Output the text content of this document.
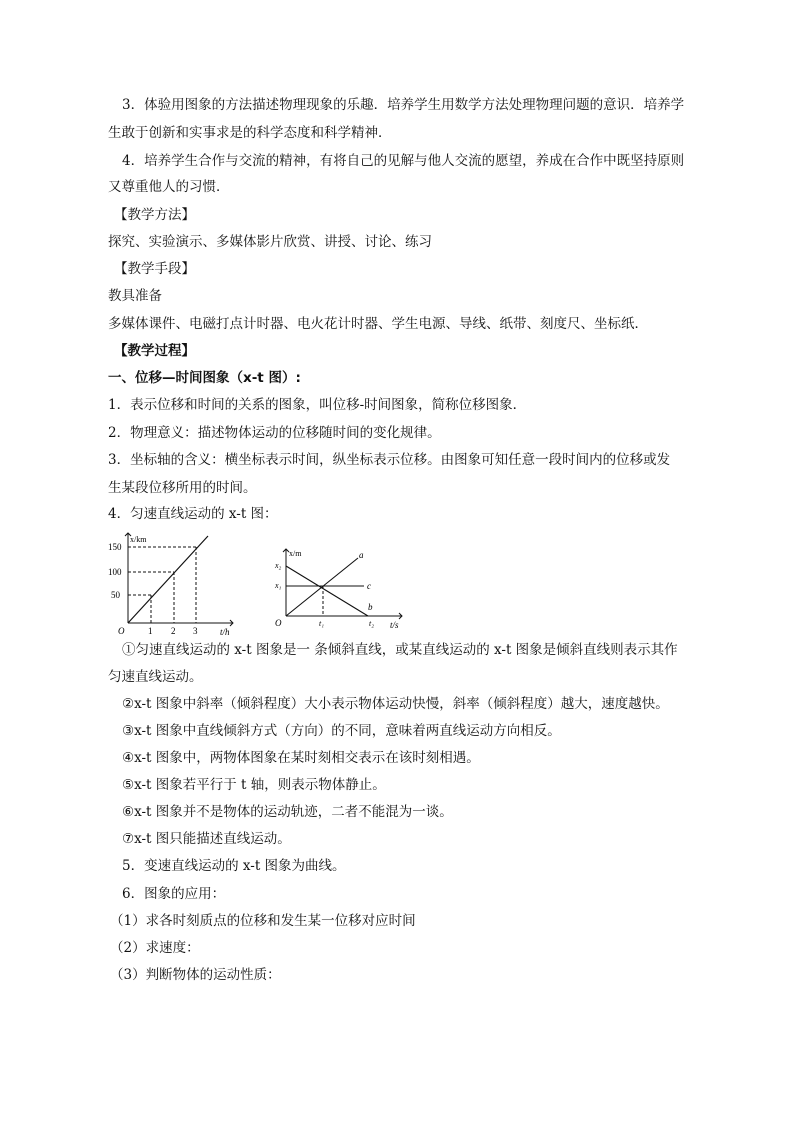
3．体验用图象的方法描述物理现象的乐趣．培养学生用数学方法处理物理问题的意识．培养学
生敢于创新和实事求是的科学态度和科学精神．
4．培养学生合作与交流的精神，有将自己的见解与他人交流的愿望，养成在合作中既坚持原则
又尊重他人的习惯．
【教学方法】
探究、实验演示、多媒体影片欣赏、讲授、讨论、练习
【教学手段】
教具准备
多媒体课件、电磁打点计时器、电火花计时器、学生电源、导线、纸带、刻度尺、坐标纸．
【教学过程】
一、位移—时间图象（x-t 图）:
1．表示位移和时间的关系的图象，叫位移-时间图象，简称位移图象．
2．物理意义：描述物体运动的位移随时间的变化规律。
3．坐标轴的含义：横坐标表示时间，纵坐标表示位移。由图象可知任意一段时间内的位移或发
生某段位移所用的时间。
4．匀速直线运动的 x-t 图：
x/km
t/h
O
50
100
150
1 2 3
x/m
t/s
O
x₂
x₁
t₁	t₂
a
b
c
①匀速直线运动的 x-t 图象是一 条倾斜直线，或某直线运动的 x-t 图象是倾斜直线则表示其作
匀速直线运动。
②x-t 图象中斜率（倾斜程度）大小表示物体运动快慢，斜率（倾斜程度）越大，速度越快。
③x-t 图象中直线倾斜方式（方向）的不同，意味着两直线运动方向相反。
④x-t 图象中，两物体图象在某时刻相交表示在该时刻相遇。
⑤x-t 图象若平行于 t 轴，则表示物体静止。
⑥x-t 图象并不是物体的运动轨迹，二者不能混为一谈。
⑦x-t 图只能描述直线运动。
5．变速直线运动的 x-t 图象为曲线。
6．图象的应用：
（1）求各时刻质点的位移和发生某一位移对应时间
（2）求速度：
（3）判断物体的运动性质：
